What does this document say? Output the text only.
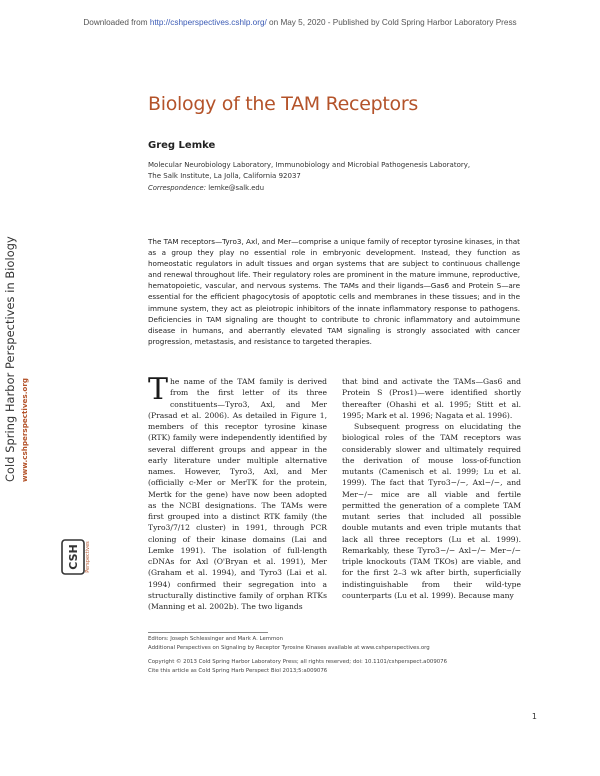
Downloaded from http://cshperspectives.cshlp.org/ on May 5, 2020 - Published by Cold Spring Harbor Laboratory Press
Biology of the TAM Receptors
Greg Lemke
Molecular Neurobiology Laboratory, Immunobiology and Microbial Pathogenesis Laboratory,
The Salk Institute, La Jolla, California 92037
Correspondence: lemke@salk.edu

The TAM receptors—Tyro3, Axl, and Mer—comprise a unique family of receptor tyrosine kinases, in that as a group they play no essential role in embryonic development. Instead, they function as homeostatic regulators in adult tissues and organ systems that are subject to continuous challenge and renewal throughout life. Their regulatory roles are prominent in the mature immune, reproductive, hematopoietic, vascular, and nervous systems. The TAMs and their ligands—Gas6 and Protein S—are essential for the efficient phagocytosis of apoptotic cells and membranes in these tissues; and in the immune system, they act as pleiotropic inhibitors of the innate inflammatory response to pathogens. Deficiencies in TAM signaling are thought to contribute to chronic inflammatory and autoimmune disease in humans, and aberrantly elevated TAM signaling is strongly associated with cancer progression, metastasis, and resistance to targeted therapies.

The name of the TAM family is derived from the first letter of its three constituents—Tyro3, Axl, and Mer (Prasad et al. 2006). As detailed in Figure 1, members of this receptor tyrosine kinase (RTK) family were independently identified by several different groups and appear in the early literature under multiple alternative names. However, Tyro3, Axl, and Mer (officially c-Mer or MerTK for the protein, Mertk for the gene) have now been adopted as the NCBI designations. The TAMs were first grouped into a distinct RTK family (the Tyro3/7/12 cluster) in 1991, through PCR cloning of their kinase domains (Lai and Lemke 1991). The isolation of full-length cDNAs for Axl (O'Bryan et al. 1991), Mer (Graham et al. 1994), and Tyro3 (Lai et al. 1994) confirmed their segregation into a structurally distinctive family of orphan RTKs (Manning et al. 2002b). The two ligands

that bind and activate the TAMs—Gas6 and Protein S (Pros1)—were identified shortly thereafter (Ohashi et al. 1995; Stitt et al. 1995; Mark et al. 1996; Nagata et al. 1996).

Subsequent progress on elucidating the biological roles of the TAM receptors was considerably slower and ultimately required the derivation of mouse loss-of-function mutants (Camenisch et al. 1999; Lu et al. 1999). The fact that Tyro3−/−, Axl−/−, and Mer−/− mice are all viable and fertile permitted the generation of a complete TAM mutant series that included all possible double mutants and even triple mutants that lack all three receptors (Lu et al. 1999). Remarkably, these Tyro3−/− Axl−/− Mer−/− triple knockouts (TAM TKOs) are viable, and for the first 2–3 wk after birth, superficially indistinguishable from their wild-type counterparts (Lu et al. 1999). Because many

Cold Spring Harbor Perspectives in Biology www.cshperspectives.org
CSH Perspectives
Editors: Joseph Schlessinger and Mark A. Lemmon
Additional Perspectives on Signaling by Receptor Tyrosine Kinases available at www.cshperspectives.org
Copyright © 2013 Cold Spring Harbor Laboratory Press; all rights reserved; doi: 10.1101/cshperspect.a009076
Cite this article as Cold Spring Harb Perspect Biol 2013;5:a009076
1
